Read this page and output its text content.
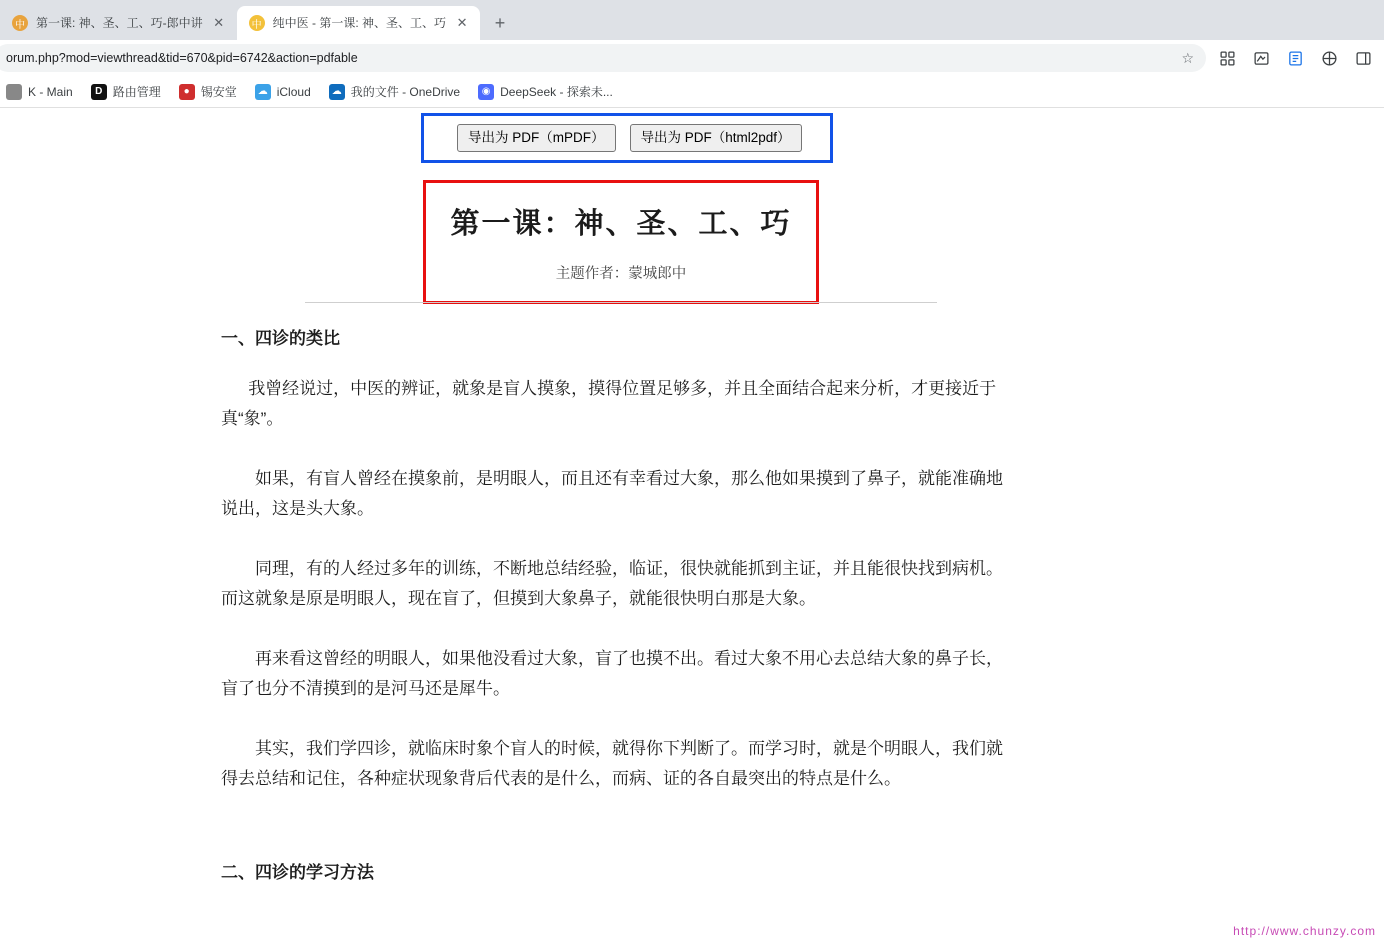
中 第一课: 神、圣、工、巧-郎中讲 ✕	中 纯中医 - 第一课: 神、圣、工、巧 ✕	+
orum.php?mod=viewthread&tid=670&pid=6742&action=pdfable	☆
K - Main	D 路由管理	● 锡安堂	☁ iCloud	☁ 我的文件 - OneDrive	◉ DeepSeek - 探索未...
导出为 PDF（mPDF）	导出为 PDF（html2pdf）
第一课：神、圣、工、巧
主题作者：蒙城郎中
一、四诊的类比

我曾经说过，中医的辨证，就象是盲人摸象，摸得位置足够多，并且全面结合起来分析，才更接近于真“象”。

如果，有盲人曾经在摸象前，是明眼人，而且还有幸看过大象，那么他如果摸到了鼻子，就能准确地说出，这是头大象。

同理，有的人经过多年的训练，不断地总结经验，临证，很快就能抓到主证，并且能很快找到病机。而这就象是原是明眼人，现在盲了，但摸到大象鼻子，就能很快明白那是大象。

再来看这曾经的明眼人，如果他没看过大象，盲了也摸不出。看过大象不用心去总结大象的鼻子长，盲了也分不清摸到的是河马还是犀牛。

其实，我们学四诊，就临床时象个盲人的时候，就得你下判断了。而学习时，就是个明眼人，我们就得去总结和记住，各种症状现象背后代表的是什么，而病、证的各自最突出的特点是什么。

二、四诊的学习方法
http://www.chunzy.com
